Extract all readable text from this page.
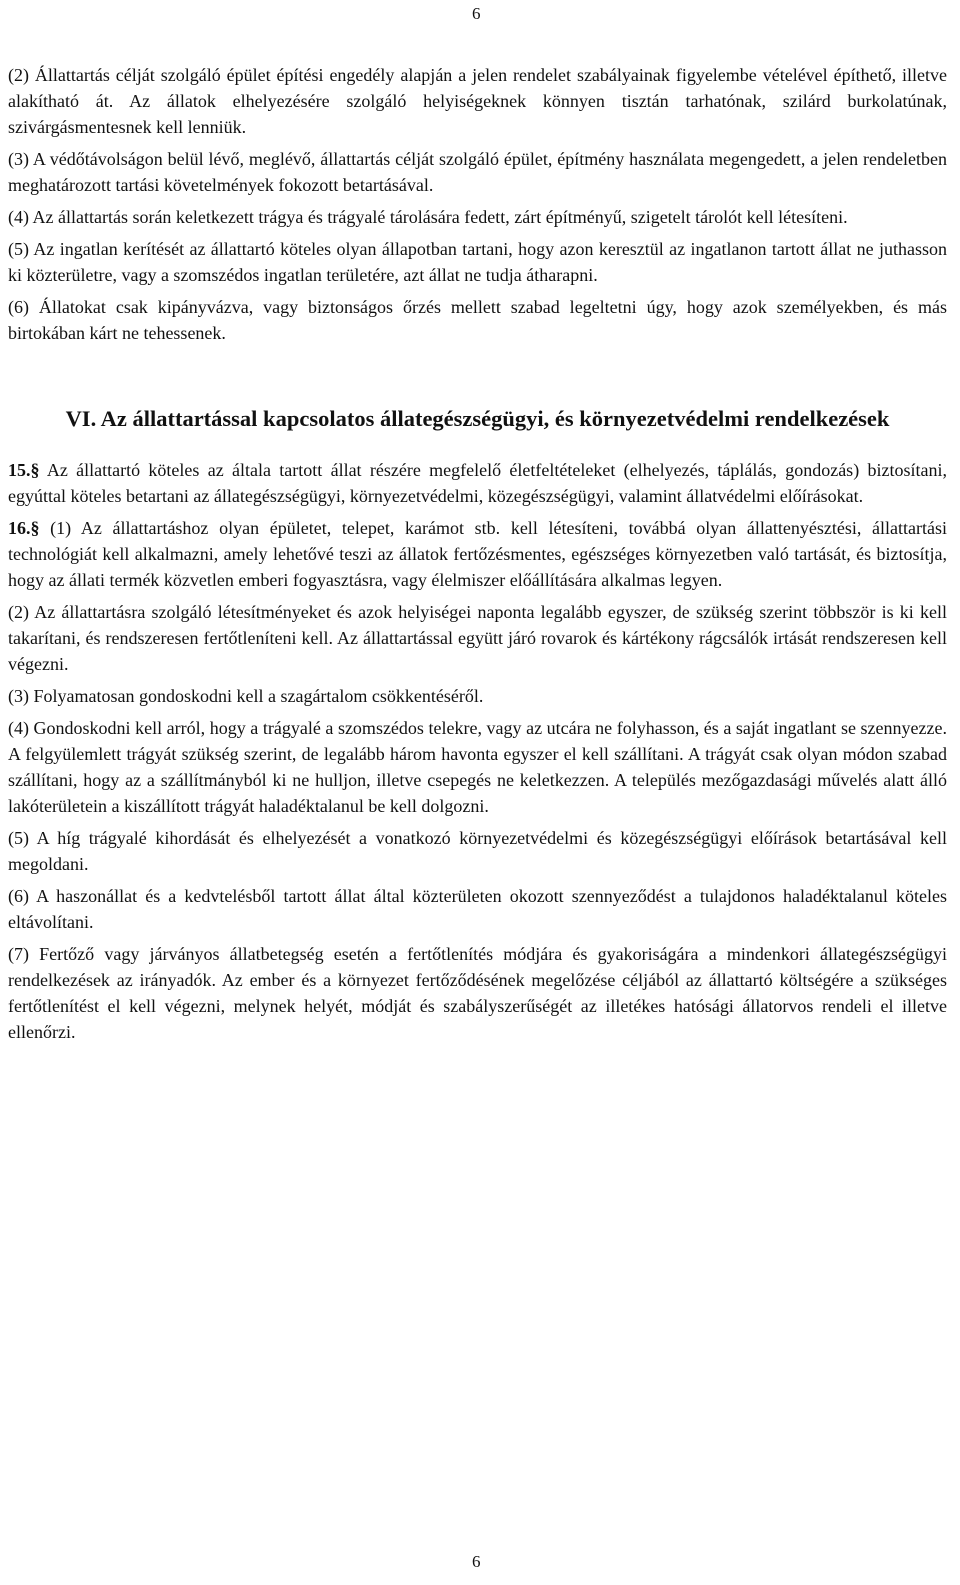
6

(2) Állattartás célját szolgáló épület építési engedély alapján a jelen rendelet szabályainak figyelembe vételével építhető, illetve alakítható át. Az állatok elhelyezésére szolgáló helyiségeknek könnyen tisztán tarhatónak, szilárd burkolatúnak, szivárgásmentesnek kell lenniük.

(3) A védőtávolságon belül lévő, meglévő, állattartás célját szolgáló épület, építmény használata megengedett, a jelen rendeletben meghatározott tartási követelmények fokozott betartásával.

(4) Az állattartás során keletkezett trágya és trágyalé tárolására fedett, zárt építményű, szigetelt tárolót kell létesíteni.

(5) Az ingatlan kerítését az állattartó köteles olyan állapotban tartani, hogy azon keresztül az ingatlanon tartott állat ne juthasson ki közterületre, vagy a szomszédos ingatlan területére, azt állat ne tudja átharapni.

(6) Állatokat csak kipányvázva, vagy biztonságos őrzés mellett szabad legeltetni úgy, hogy azok személyekben, és más birtokában kárt ne tehessenek.

VI. Az állattartással kapcsolatos állategészségügyi, és környezetvédelmi rendelkezések

15.§ Az állattartó köteles az általa tartott állat részére megfelelő életfeltételeket (elhelyezés, táplálás, gondozás) biztosítani, egyúttal köteles betartani az állategészségügyi, környezetvédelmi, közegészségügyi, valamint állatvédelmi előírásokat.

16.§ (1) Az állattartáshoz olyan épületet, telepet, karámot stb. kell létesíteni, továbbá olyan állattenyésztési, állattartási technológiát kell alkalmazni, amely lehetővé teszi az állatok fertőzésmentes, egészséges környezetben való tartását, és biztosítja, hogy az állati termék közvetlen emberi fogyasztásra, vagy élelmiszer előállítására alkalmas legyen.

(2) Az állattartásra szolgáló létesítményeket és azok helyiségei naponta legalább egyszer, de szükség szerint többször is ki kell takarítani, és rendszeresen fertőtleníteni kell. Az állattartással együtt járó rovarok és kártékony rágcsálók irtását rendszeresen kell végezni.

(3) Folyamatosan gondoskodni kell a szagártalom csökkentéséről.

(4) Gondoskodni kell arról, hogy a trágyalé a szomszédos telekre, vagy az utcára ne folyhasson, és a saját ingatlant se szennyezze. A felgyülemlett trágyát szükség szerint, de legalább három havonta egyszer el kell szállítani. A trágyát csak olyan módon szabad szállítani, hogy az a szállítmányból ki ne hulljon, illetve csepegés ne keletkezzen. A település mezőgazdasági művelés alatt álló lakóterületein a kiszállított trágyát haladéktalanul be kell dolgozni.

(5) A híg trágyalé kihordását és elhelyezését a vonatkozó környezetvédelmi és közegészségügyi előírások betartásával kell megoldani.

(6) A haszonállat és a kedvtelésből tartott állat által közterületen okozott szennyeződést a tulajdonos haladéktalanul köteles eltávolítani.

(7) Fertőző vagy járványos állatbetegség esetén a fertőtlenítés módjára és gyakoriságára a mindenkori állategészségügyi rendelkezések az irányadók. Az ember és a környezet fertőződésének megelőzése céljából az állattartó költségére a szükséges fertőtlenítést el kell végezni, melynek helyét, módját és szabályszerűségét az illetékes hatósági állatorvos rendeli el illetve ellenőrzi.

6
